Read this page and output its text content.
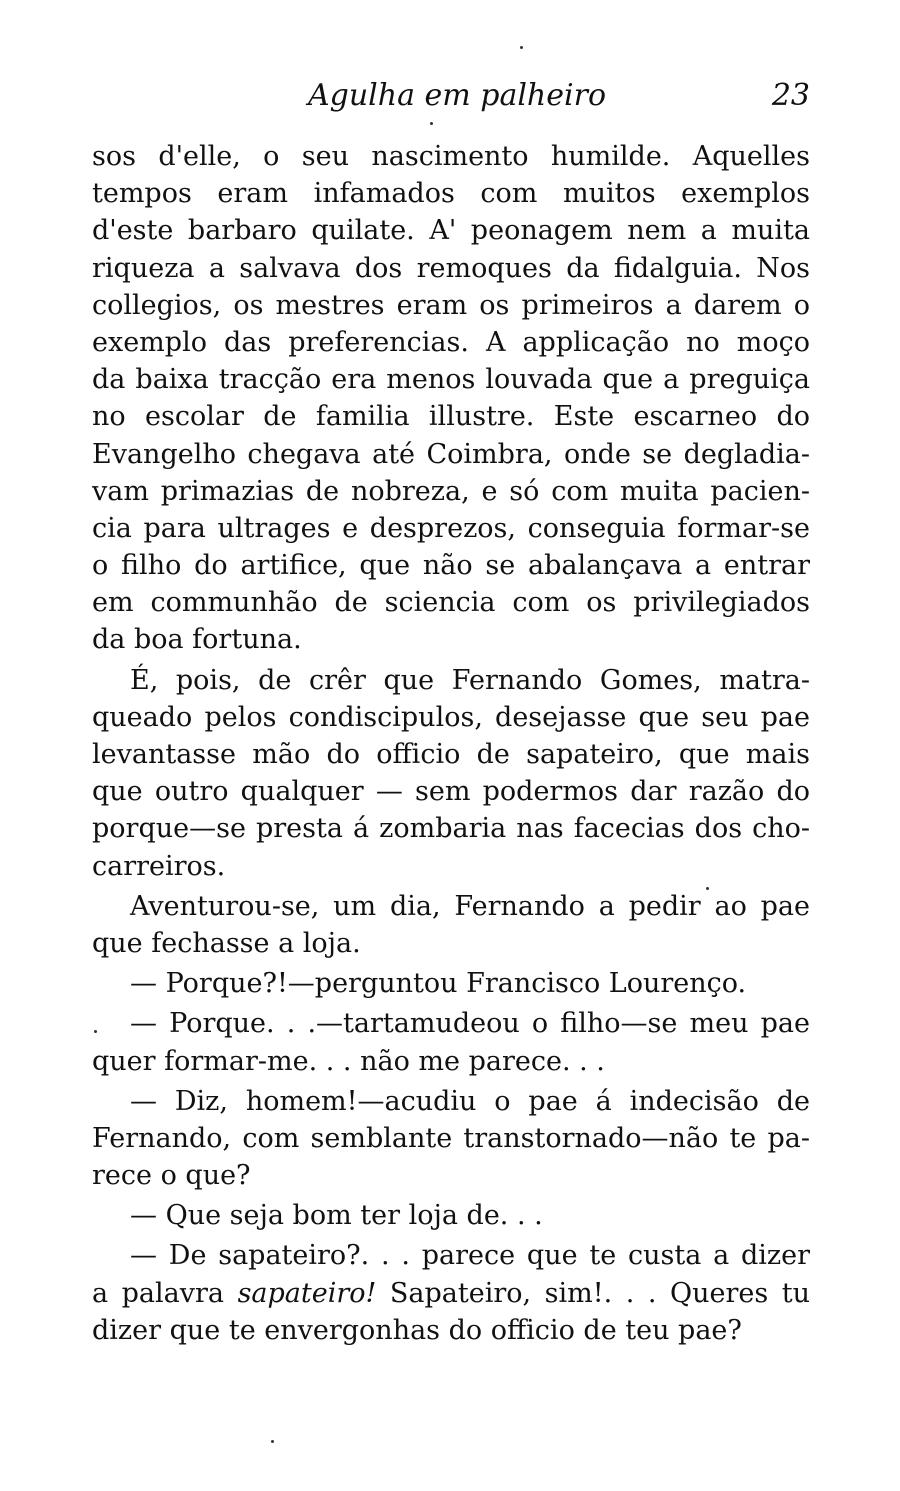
Agulha em palheiro	23
sos d'elle, o seu nascimento humilde. Aquelles
tempos eram infamados com muitos exemplos
d'este barbaro quilate. A' peonagem nem a muita
riqueza a salvava dos remoques da fidalguia. Nos
collegios, os mestres eram os primeiros a darem o
exemplo das preferencias. A applicação no moço
da baixa tracção era menos louvada que a preguiça
no escolar de familia illustre. Este escarneo do
Evangelho chegava até Coimbra, onde se degladia-
vam primazias de nobreza, e só com muita pacien-
cia para ultrages e desprezos, conseguia formar-se
o filho do artifice, que não se abalançava a entrar
em communhão de sciencia com os privilegiados
da boa fortuna.
É, pois, de crêr que Fernando Gomes, matra-
queado pelos condiscipulos, desejasse que seu pae
levantasse mão do officio de sapateiro, que mais
que outro qualquer — sem podermos dar razão do
porque—se presta á zombaria nas facecias dos cho-
carreiros.
Aventurou-se, um dia, Fernando a pedir ao pae
que fechasse a loja.
— Porque?!—perguntou Francisco Lourenço.
— Porque. . .—tartamudeou o filho—se meu pae
quer formar-me. . . não me parece. . .
— Diz, homem!—acudiu o pae á indecisão de
Fernando, com semblante transtornado—não te pa-
rece o que?
— Que seja bom ter loja de. . .
— De sapateiro?. . . parece que te custa a dizer
a palavra sapateiro! Sapateiro, sim!. . . Queres tu
dizer que te envergonhas do officio de teu pae?
